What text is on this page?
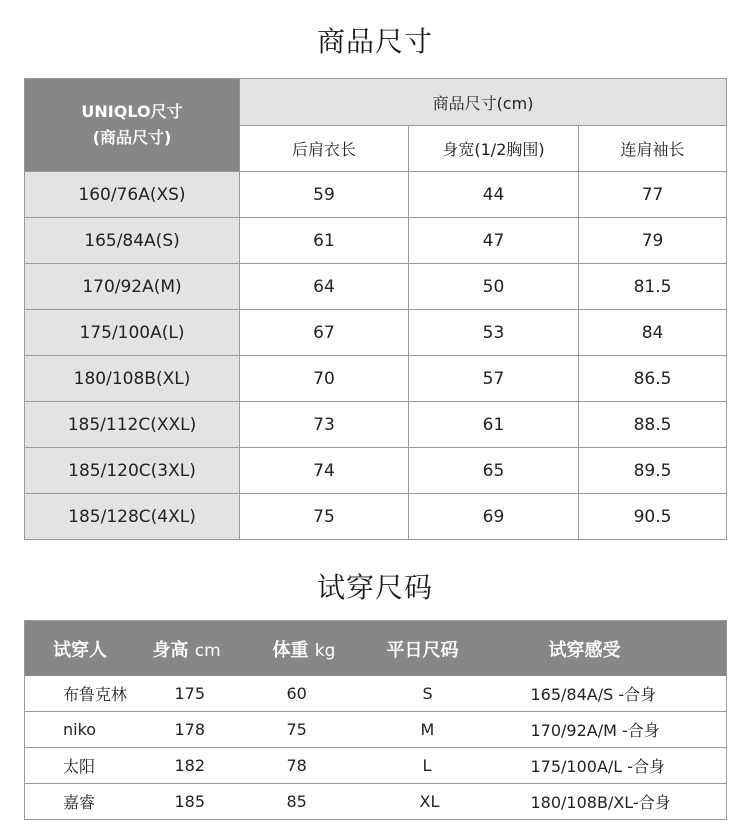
商品尺寸
UNIQLO尺寸
(商品尺寸)	商品尺寸(cm)		
	后肩衣长	身宽(1/2胸围)	连肩袖长
160/76A(XS)	59	44	77
165/84A(S)	61	47	79
170/92A(M)	64	50	81.5
175/100A(L)	67	53	84
180/108B(XL)	70	57	86.5
185/112C(XXL)	73	61	88.5
185/120C(3XL)	74	65	89.5
185/128C(4XL)	75	69	90.5
试穿尺码
试穿人	身高 cm	体重 kg	平日尺码	试穿感受
布鲁克林	175	60	S	165/84A/S -合身
niko	178	75	M	170/92A/M -合身
太阳	182	78	L	175/100A/L -合身
嘉睿	185	85	XL	180/108B/XL-合身
